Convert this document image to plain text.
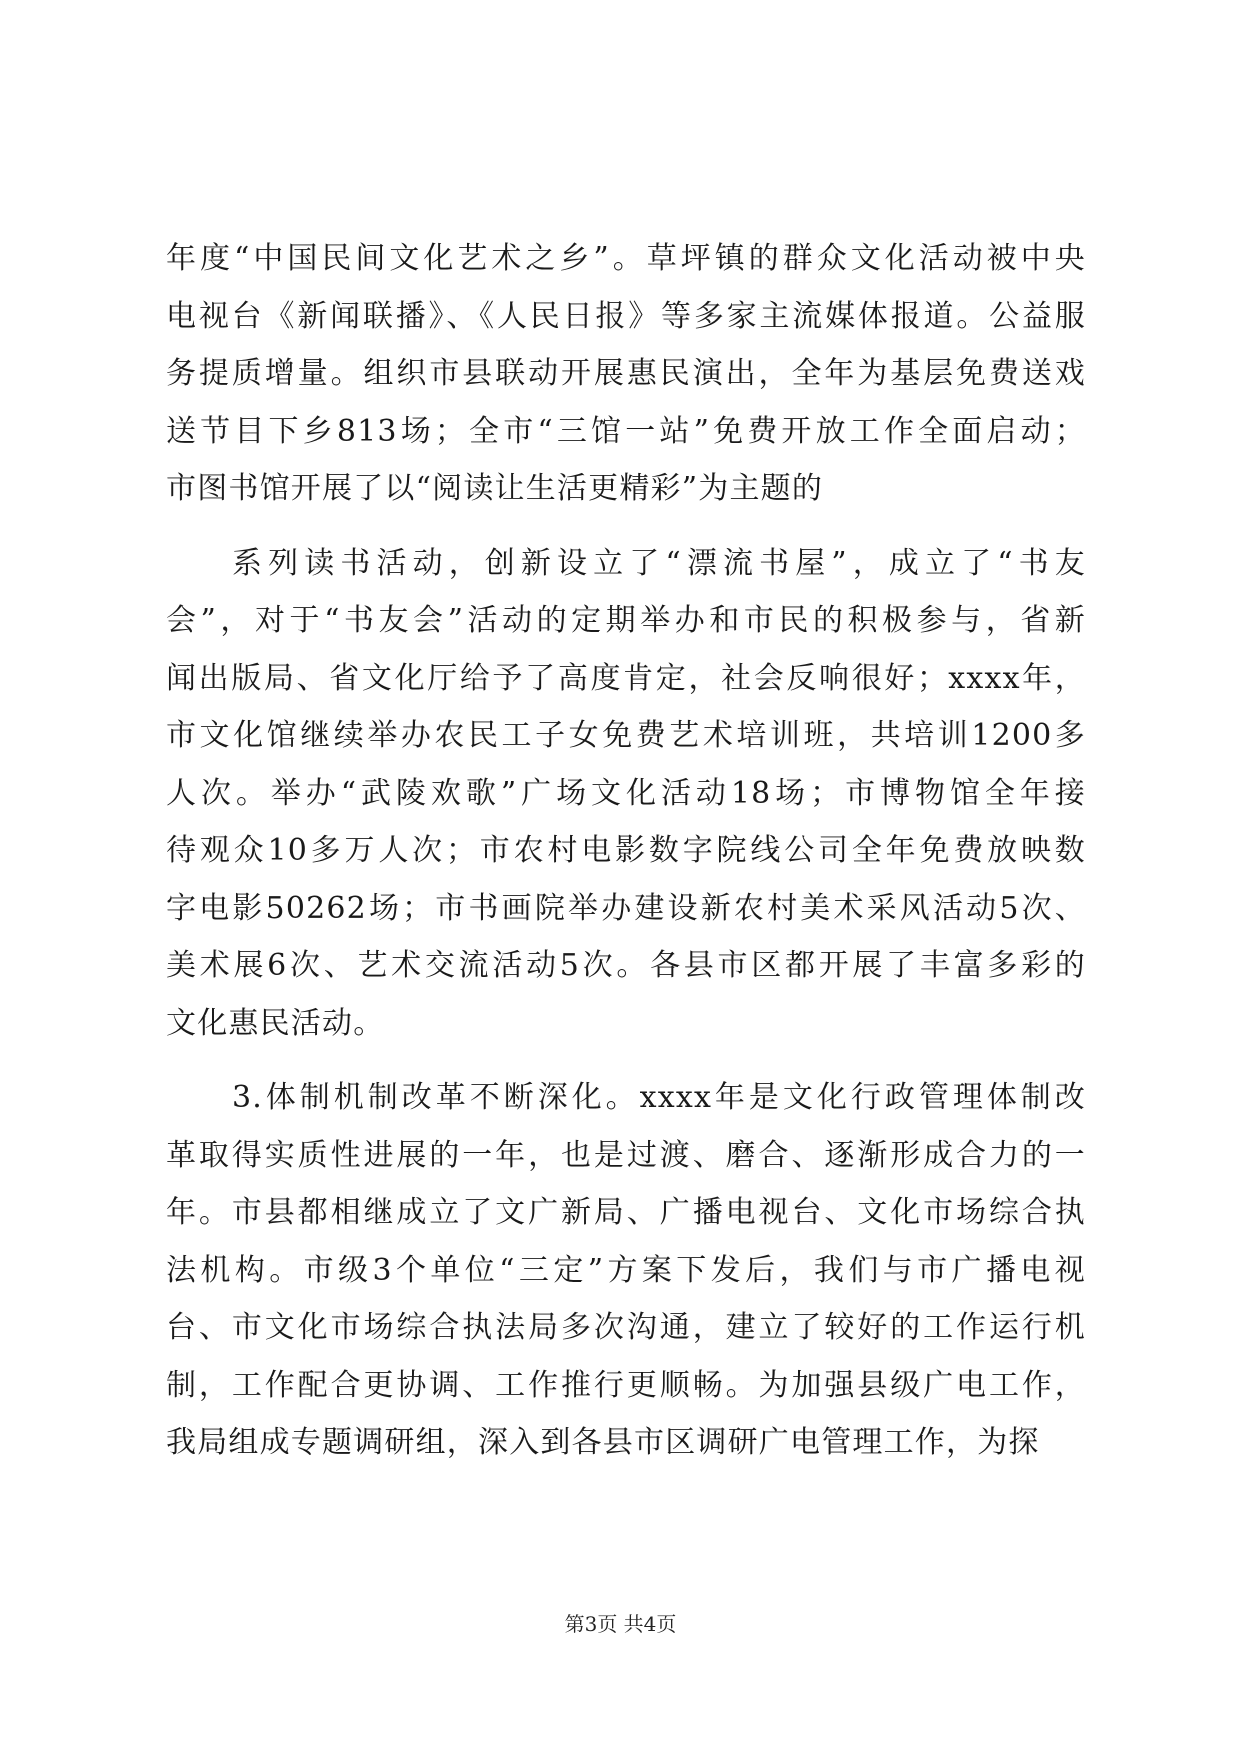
年度“中国民间文化艺术之乡”。草坪镇的群众文化活动被中央
电视台《新闻联播》、《人民日报》等多家主流媒体报道。公益服
务提质增量。组织市县联动开展惠民演出，全年为基层免费送戏
送节目下乡813场；全市“三馆一站”免费开放工作全面启动；
市图书馆开展了以“阅读让生活更精彩”为主题的
系列读书活动，创新设立了“漂流书屋”，成立了“书友
会”，对于“书友会”活动的定期举办和市民的积极参与，省新
闻出版局、省文化厅给予了高度肯定，社会反响很好；xxxx年，
市文化馆继续举办农民工子女免费艺术培训班，共培训1200多
人次。举办“武陵欢歌”广场文化活动18场；市博物馆全年接
待观众10多万人次；市农村电影数字院线公司全年免费放映数
字电影50262场；市书画院举办建设新农村美术采风活动5次、
美术展6次、艺术交流活动5次。各县市区都开展了丰富多彩的
文化惠民活动。
3.体制机制改革不断深化。xxxx年是文化行政管理体制改
革取得实质性进展的一年，也是过渡、磨合、逐渐形成合力的一
年。市县都相继成立了文广新局、广播电视台、文化市场综合执
法机构。市级3个单位“三定”方案下发后，我们与市广播电视
台、市文化市场综合执法局多次沟通，建立了较好的工作运行机
制，工作配合更协调、工作推行更顺畅。为加强县级广电工作，
我局组成专题调研组，深入到各县市区调研广电管理工作，为探
第3页 共4页
